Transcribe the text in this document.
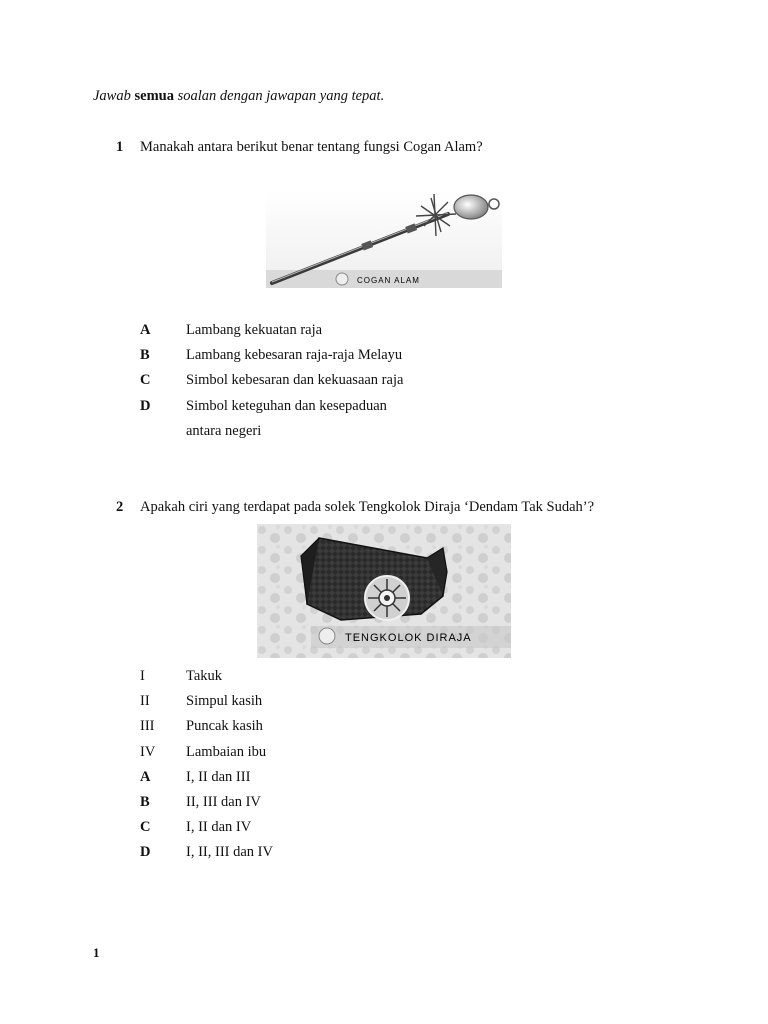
Jawab semua soalan dengan jawapan yang tepat.
1 Manakah antara berikut benar tentang fungsi Cogan Alam?
COGAN ALAM
A Lambang kekuatan raja
B	Lambang kebesaran raja-raja Melayu
C Simbol kebesaran dan kekuasaan raja
D Simbol keteguhan dan kesepaduan
antara negeri
2 Apakah ciri yang terdapat pada solek Tengkolok Diraja ‘Dendam Tak Sudah’?
TENGKOLOK DIRAJA
I	Takuk
II	Simpul kasih
III Puncak kasih
IV Lambaian ibu
A I, II dan III
B	II, III dan IV
C I, II dan IV
D I, II, III dan IV
1
